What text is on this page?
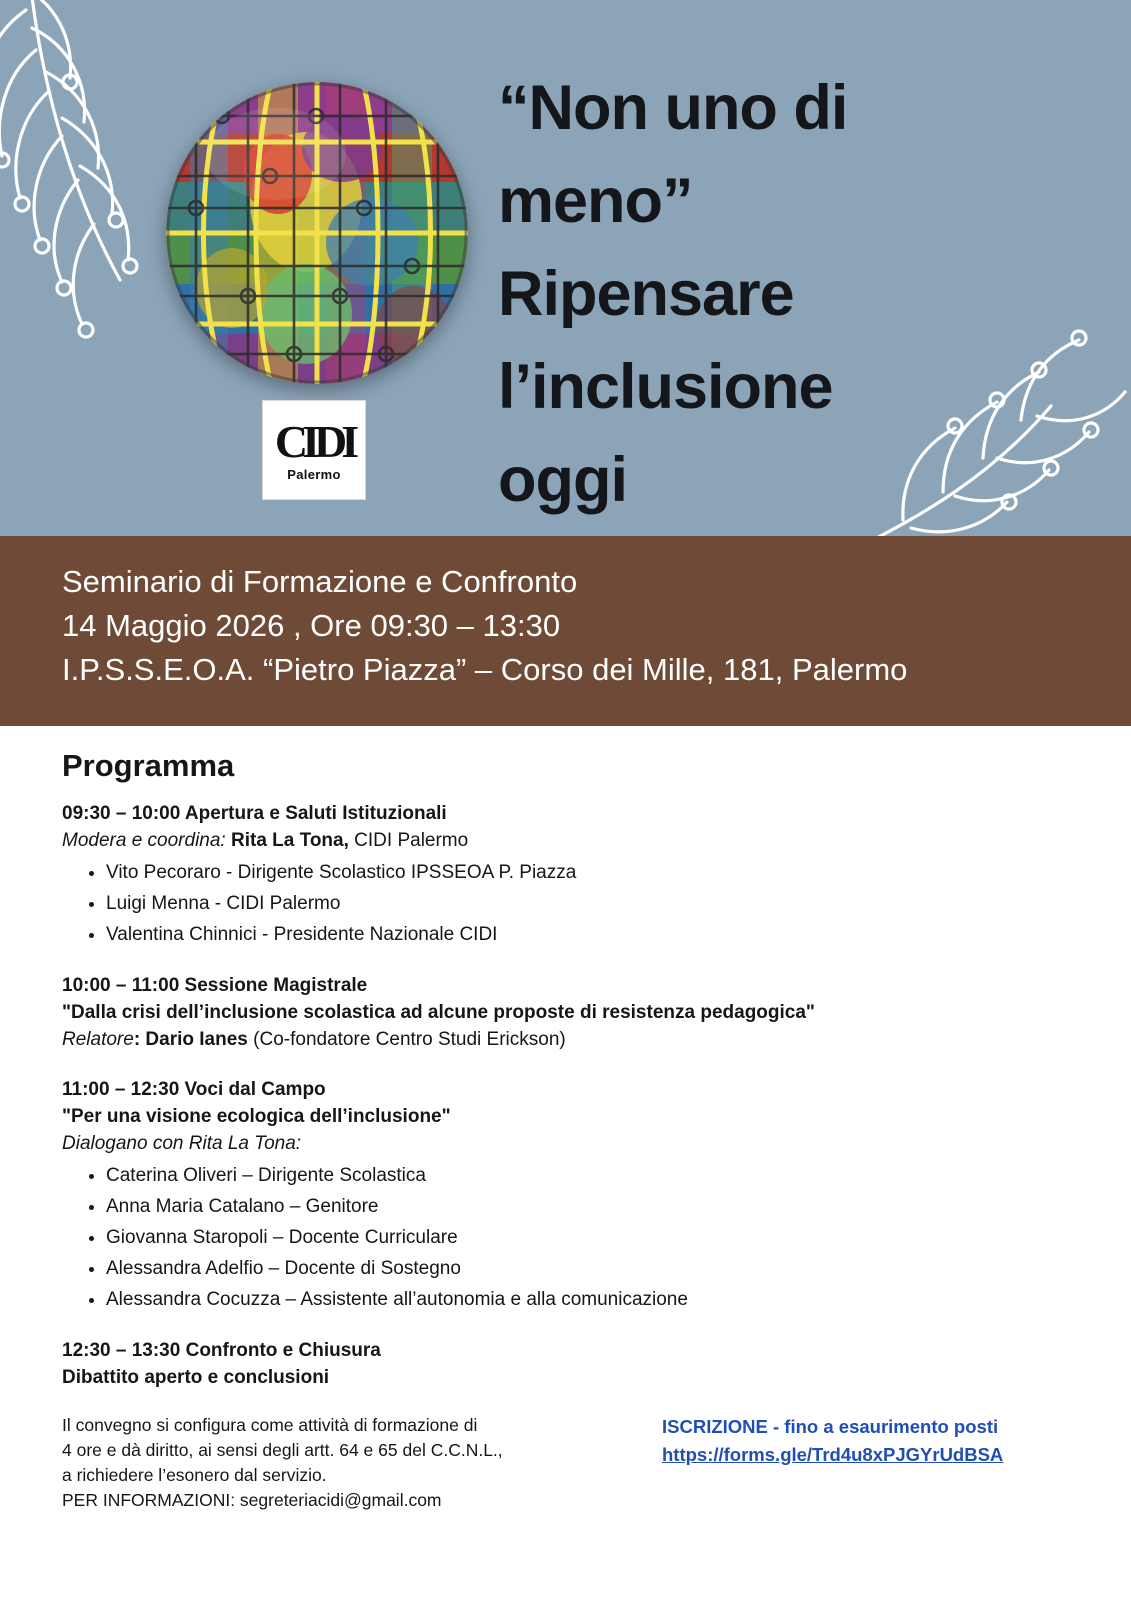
CIDI
Palermo
“Non uno di
meno”
Ripensare
l’inclusione
oggi
Seminario di Formazione e Confronto
14 Maggio 2026 , Ore 09:30 – 13:30
I.P.S.S.E.O.A. “Pietro Piazza” – Corso dei Mille, 181, Palermo
Programma
09:30 – 10:00 Apertura e Saluti Istituzionali
Modera e coordina: Rita La Tona, CIDI Palermo
• Vito Pecoraro - Dirigente Scolastico IPSSEOA P. Piazza
• Luigi Menna - CIDI Palermo
• Valentina Chinnici - Presidente Nazionale CIDI
10:00 – 11:00 Sessione Magistrale
"Dalla crisi dell’inclusione scolastica ad alcune proposte di resistenza pedagogica"
Relatore: Dario Ianes (Co-fondatore Centro Studi Erickson)
11:00 – 12:30 Voci dal Campo
"Per una visione ecologica dell’inclusione"
Dialogano con Rita La Tona:
• Caterina Oliveri – Dirigente Scolastica
• Anna Maria Catalano – Genitore
• Giovanna Staropoli – Docente Curriculare
• Alessandra Adelfio – Docente di Sostegno
• Alessandra Cocuzza – Assistente all’autonomia e alla comunicazione
12:30 – 13:30 Confronto e Chiusura
Dibattito aperto e conclusioni
Il convegno si configura come attività di formazione di
4 ore e dà diritto, ai sensi degli artt. 64 e 65 del C.C.N.L.,
a richiedere l’esonero dal servizio.
PER INFORMAZIONI: segreteriacidi@gmail.com
ISCRIZIONE - fino a esaurimento posti
https://forms.gle/Trd4u8xPJGYrUdBSA
